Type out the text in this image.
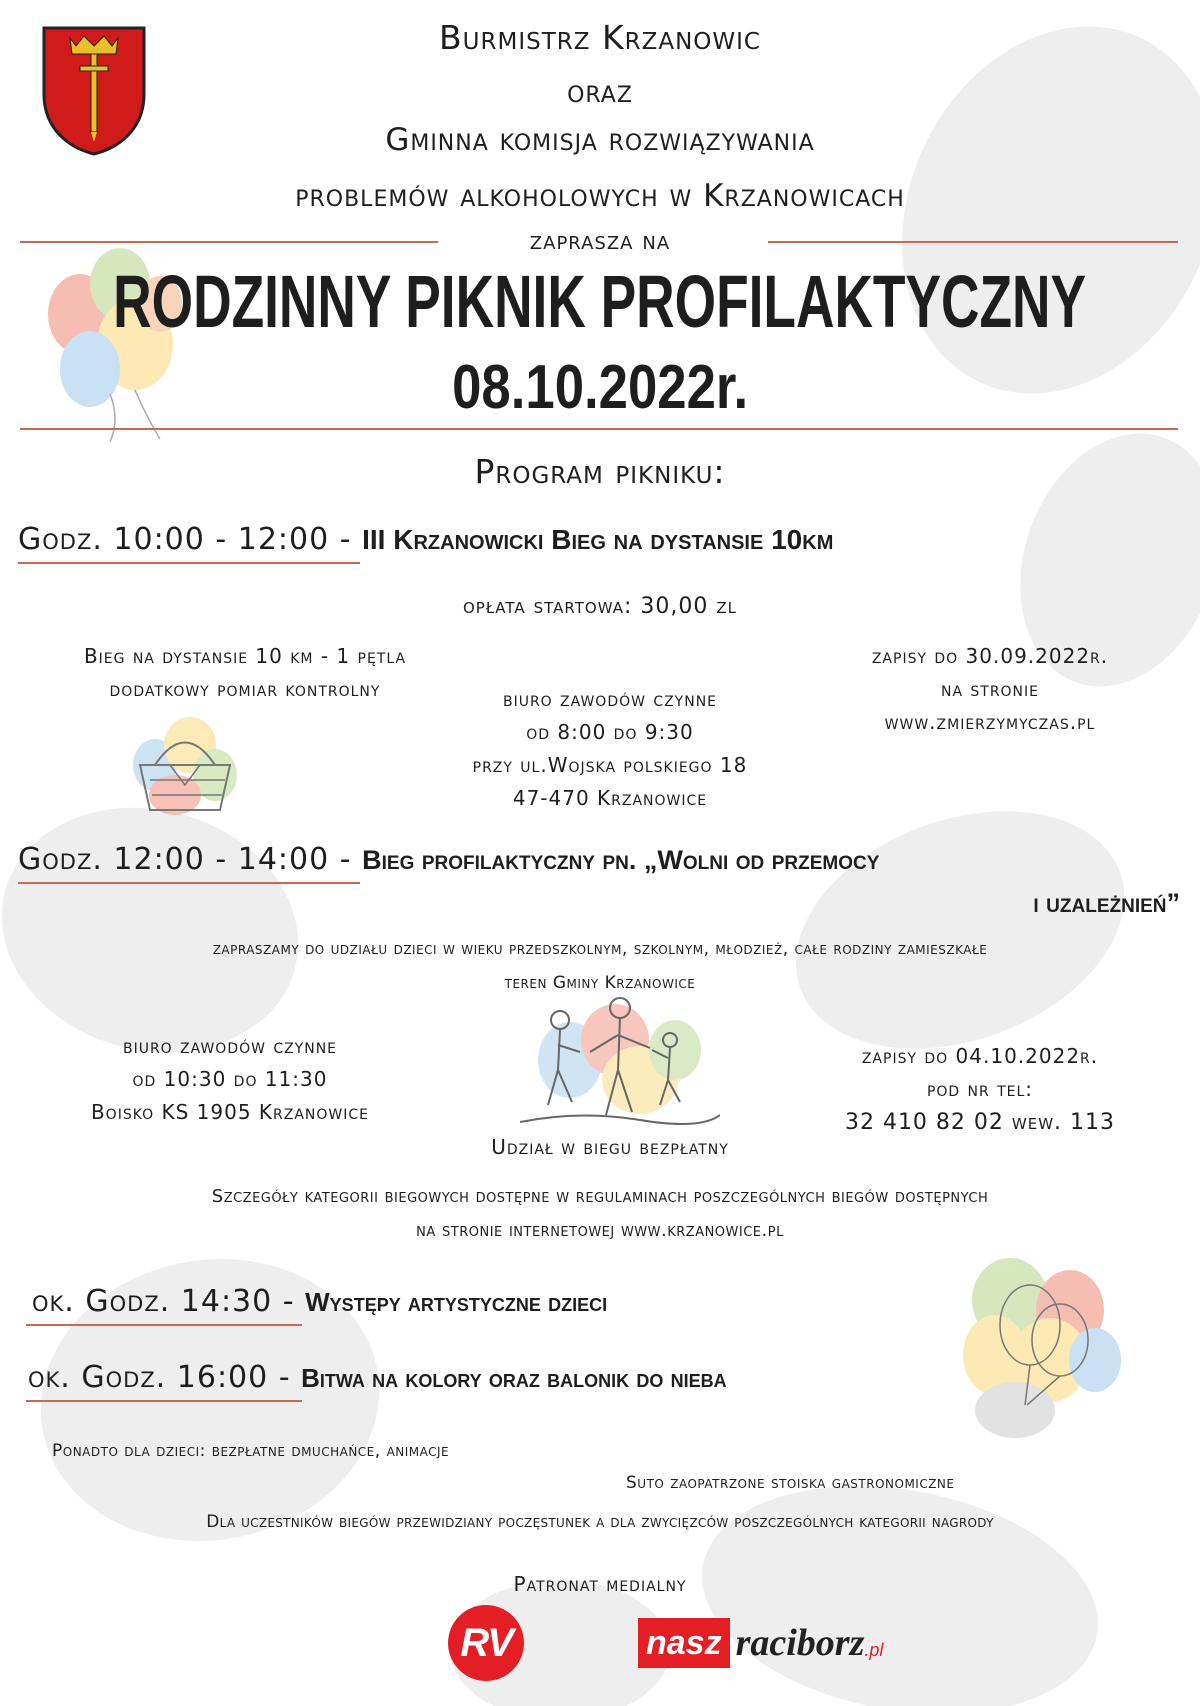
Burmistrz Krzanowic
oraz
Gminna komisja rozwiązywania
problemów alkoholowych w Krzanowicach
zaprasza na
RODZINNY PIKNIK PROFILAKTYCZNY
08.10.2022r.
Program pikniku:
Godz. 10:00 - 12:00 - III Krzanowicki Bieg na dystansie 10km
opłata startowa: 30,00 zl
Bieg na dystansie 10 km - 1 pętla
dodatkowy pomiar kontrolny	biuro zawodów czynne
od 8:00 do 9:30
przy ul.Wojska polskiego 18
47-470 Krzanowice
zapisy do 30.09.2022r.
na stronie
www.zmierzymyczas.pl
Godz. 12:00 - 14:00 - Bieg profilaktyczny pn. „Wolni od przemocy
i uzależnień”
zapraszamy do udziału dzieci w wieku przedszkolnym, szkolnym, młodzież, całe rodziny zamieszkałe
teren Gminy Krzanowice
biuro zawodów czynne
od 10:30 do 11:30
Boisko KS 1905 Krzanowice
zapisy do 04.10.2022r.
pod nr tel:
32 410 82 02 wew. 113
Udział w biegu bezpłatny
Szczegóły kategorii biegowych dostępne w regulaminach poszczególnych biegów dostępnych
na stronie internetowej www.krzanowice.pl
ok. Godz. 14:30 - Występy artystyczne dzieci
ok. Godz. 16:00 - Bitwa na kolory oraz balonik do nieba
Ponadto dla dzieci: bezpłatne dmuchańce, animacje
Suto zaopatrzone stoiska gastronomiczne
Dla uczestników biegów przewidziany poczęstunek a dla zwycięzców poszczególnych kategorii nagrody
Patronat medialny
RV	nasz raciborz .pl
